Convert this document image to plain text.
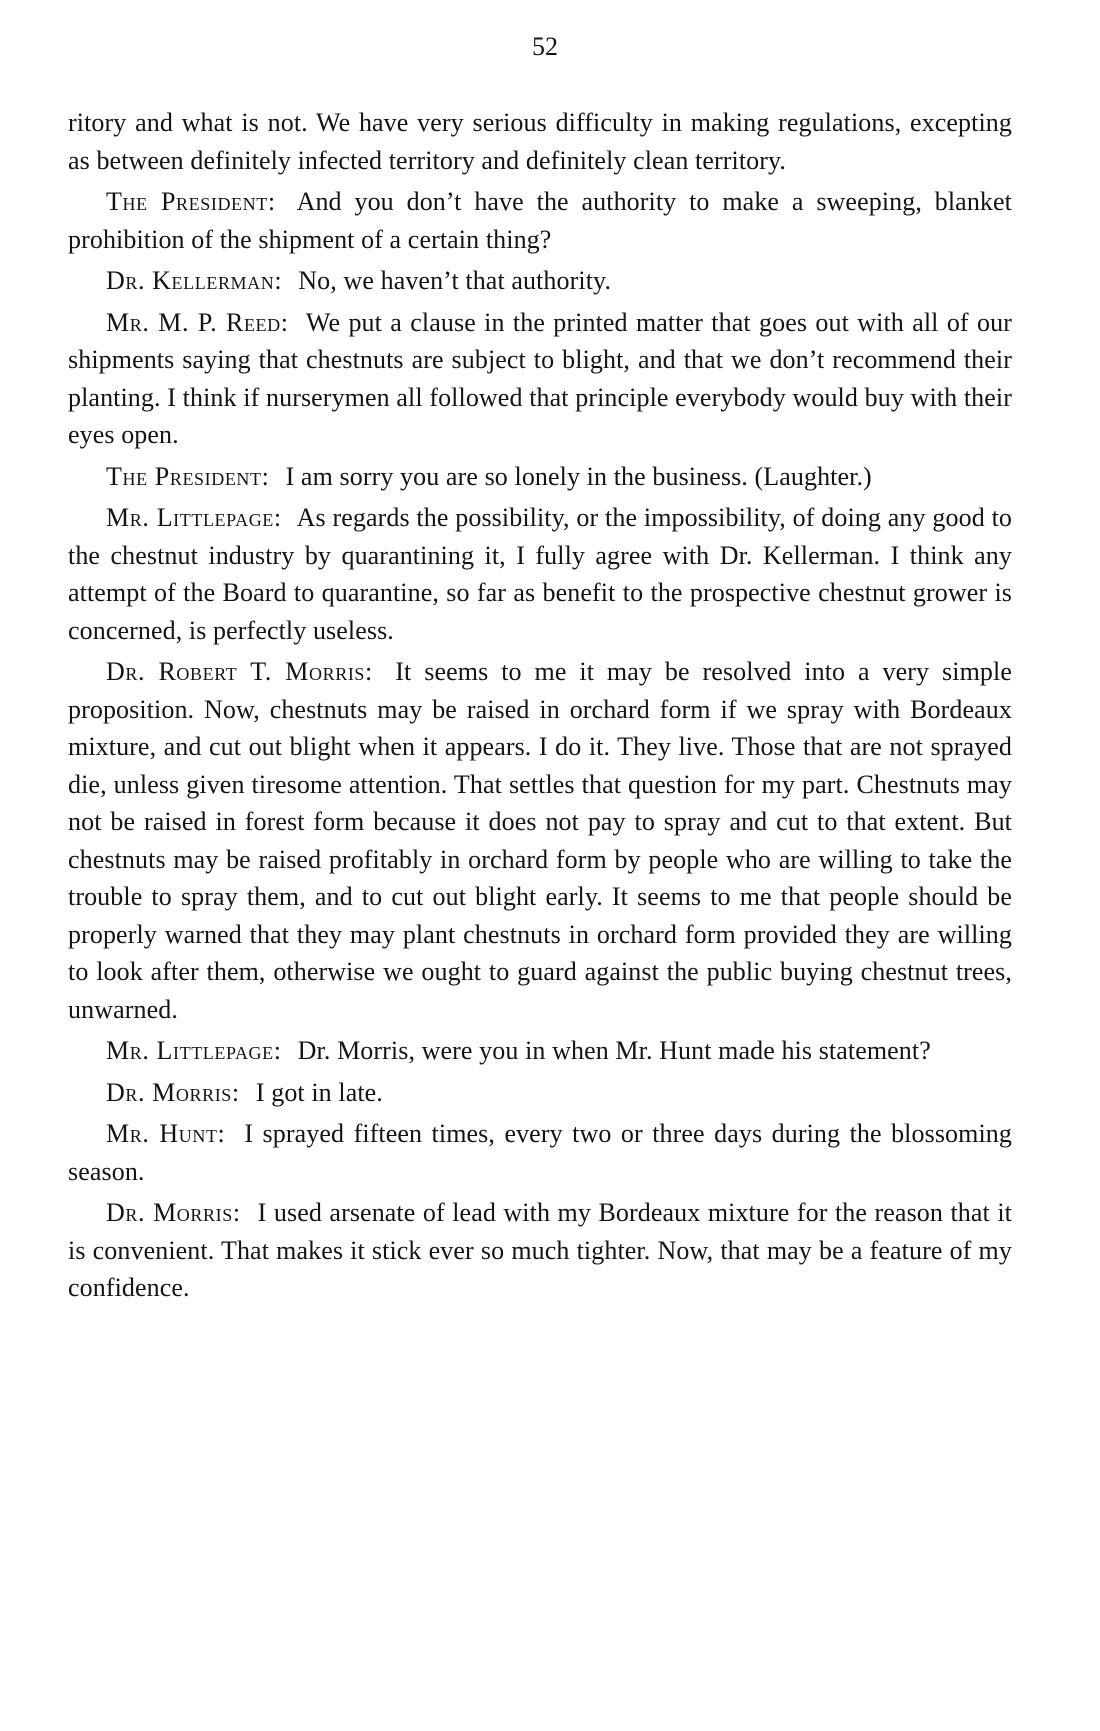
52

ritory and what is not. We have very serious difficulty in making regulations, excepting as between definitely infected territory and definitely clean territory.

The President: And you don’t have the authority to make a sweeping, blanket prohibition of the shipment of a certain thing?

Dr. Kellerman: No, we haven’t that authority.

Mr. M. P. Reed: We put a clause in the printed matter that goes out with all of our shipments saying that chestnuts are subject to blight, and that we don’t recommend their planting. I think if nurserymen all followed that principle everybody would buy with their eyes open.

The President: I am sorry you are so lonely in the business. (Laughter.)

Mr. Littlepage: As regards the possibility, or the impossibility, of doing any good to the chestnut industry by quarantining it, I fully agree with Dr. Kellerman. I think any attempt of the Board to quarantine, so far as benefit to the prospective chestnut grower is concerned, is perfectly useless.

Dr. Robert T. Morris: It seems to me it may be resolved into a very simple proposition. Now, chestnuts may be raised in orchard form if we spray with Bordeaux mixture, and cut out blight when it appears. I do it. They live. Those that are not sprayed die, unless given tiresome attention. That settles that question for my part. Chestnuts may not be raised in forest form because it does not pay to spray and cut to that extent. But chestnuts may be raised profitably in orchard form by people who are willing to take the trouble to spray them, and to cut out blight early. It seems to me that people should be properly warned that they may plant chestnuts in orchard form provided they are willing to look after them, otherwise we ought to guard against the public buying chestnut trees, unwarned.

Mr. Littlepage: Dr. Morris, were you in when Mr. Hunt made his statement?

Dr. Morris: I got in late.

Mr. Hunt: I sprayed fifteen times, every two or three days during the blossoming season.

Dr. Morris: I used arsenate of lead with my Bordeaux mixture for the reason that it is convenient. That makes it stick ever so much tighter. Now, that may be a feature of my confidence.
